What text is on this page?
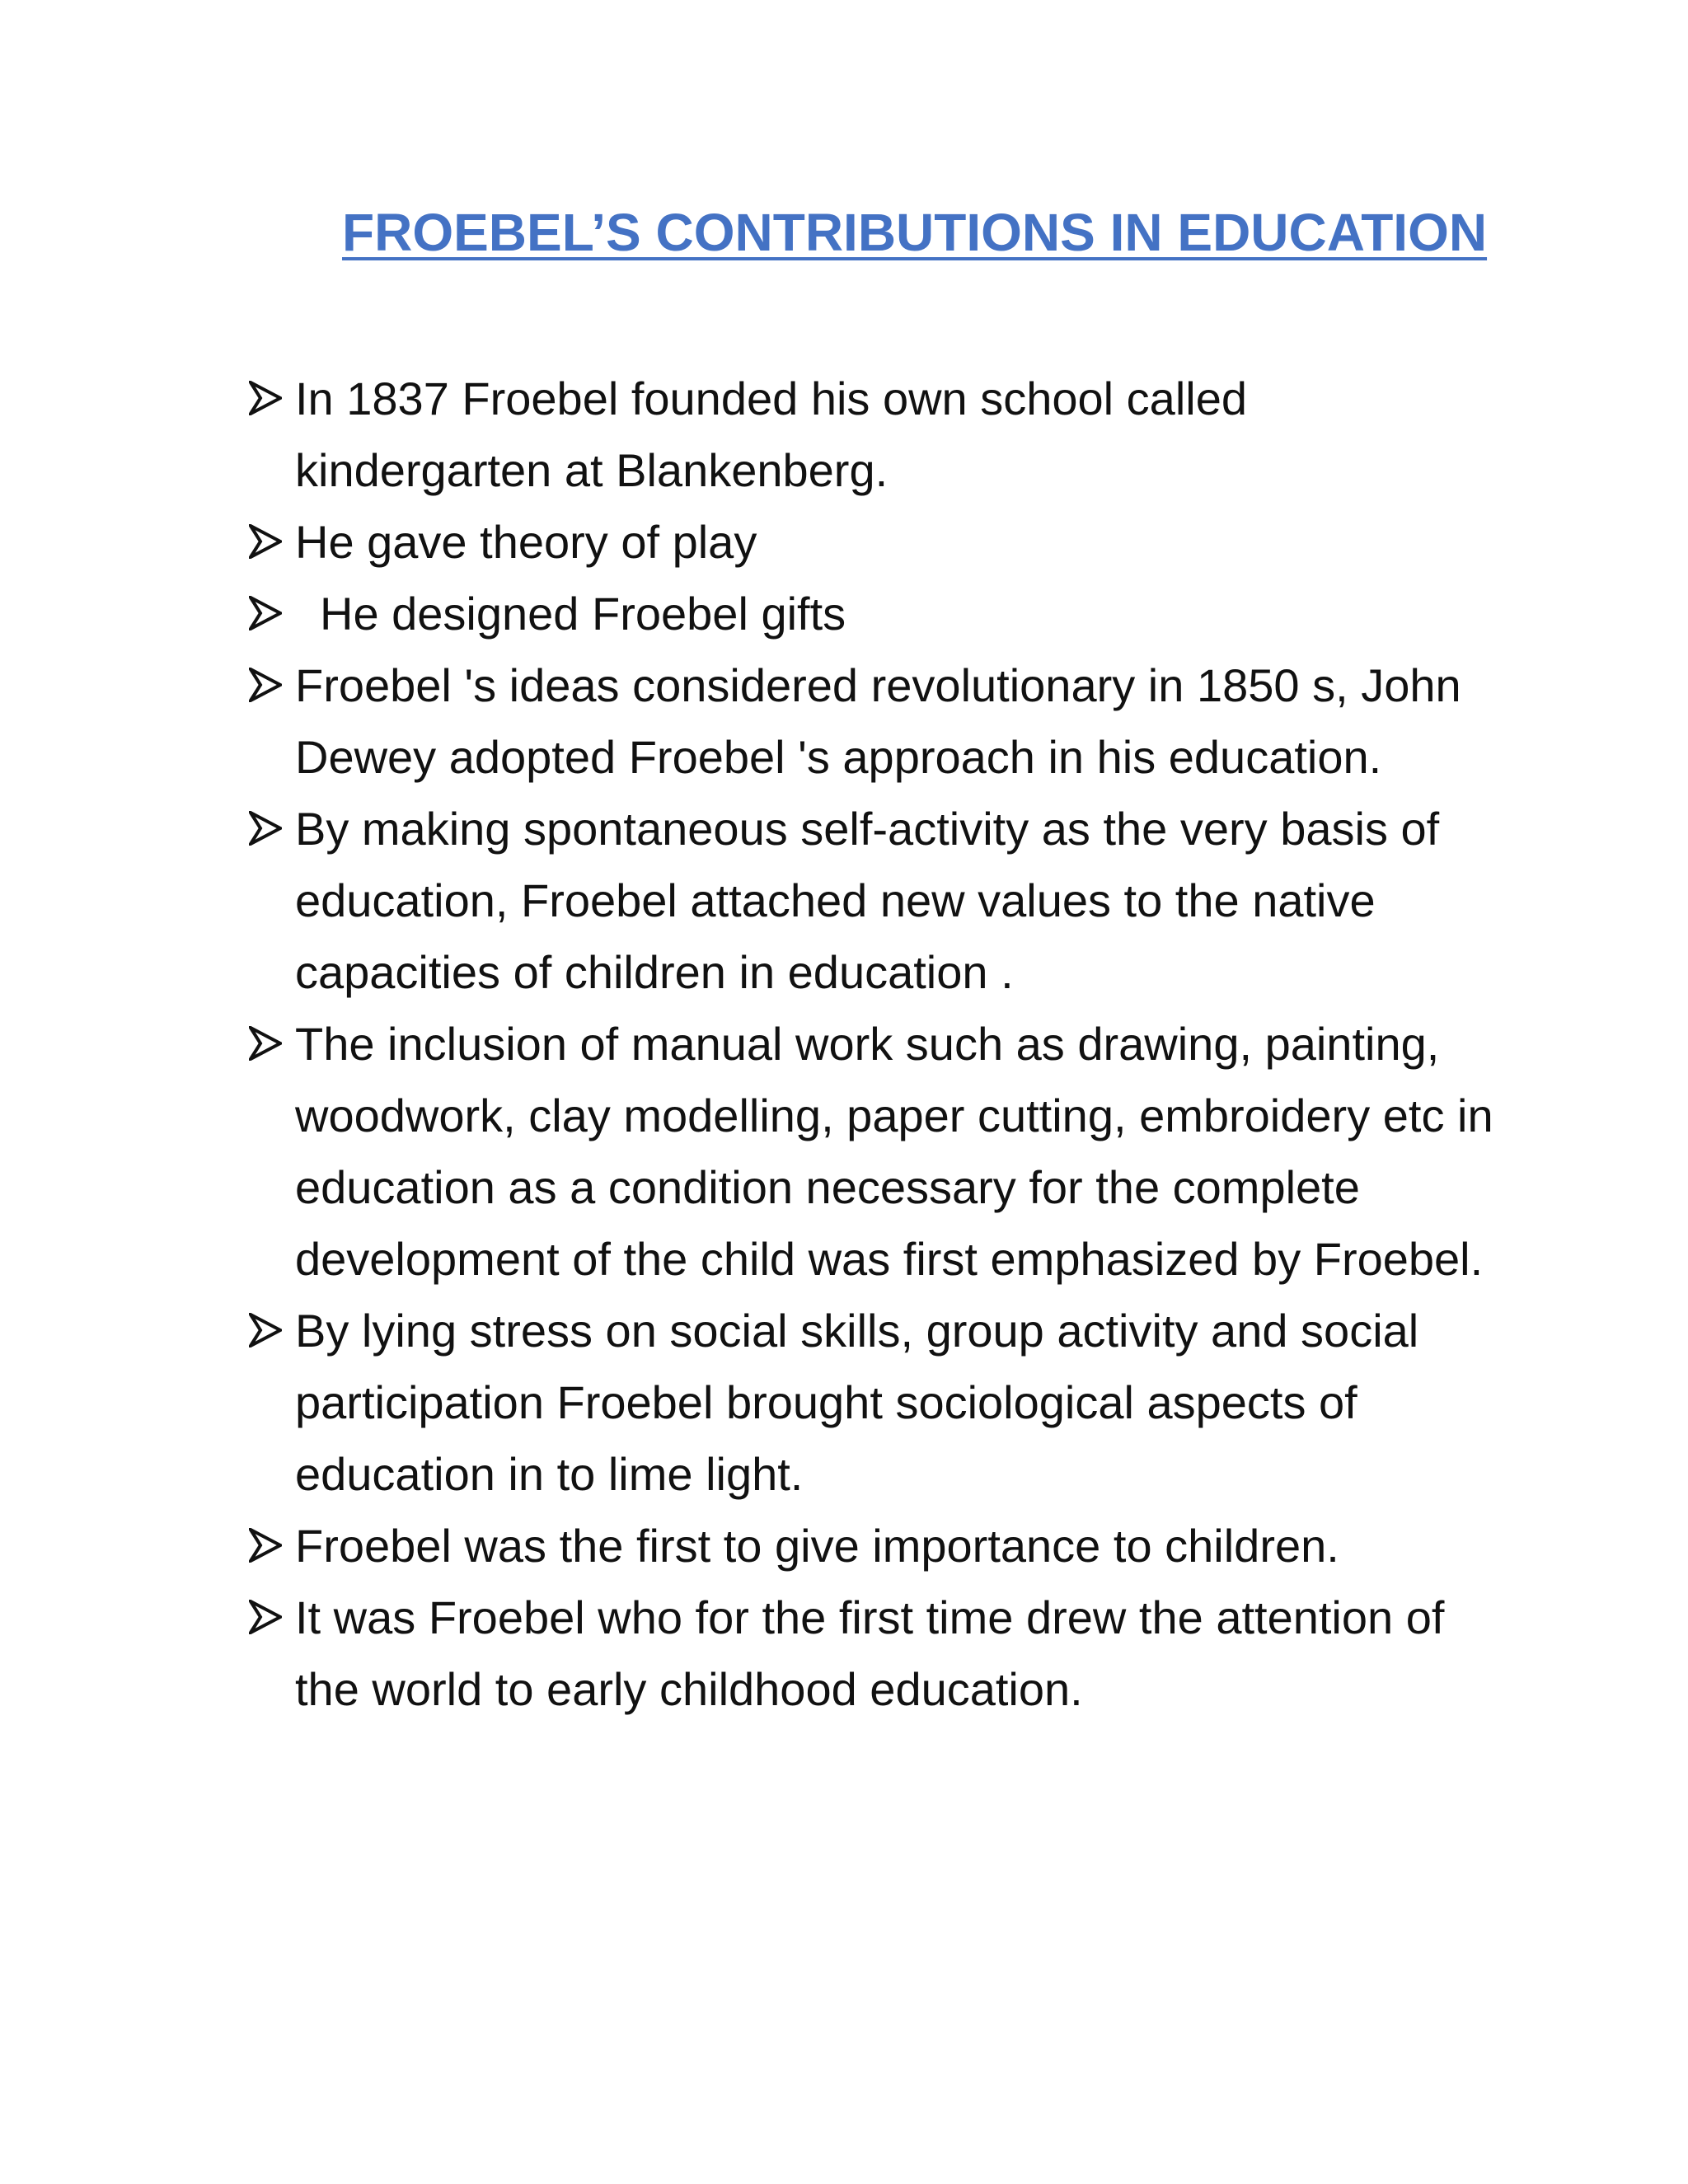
FROEBEL’S CONTRIBUTIONS IN EDUCATION
In 1837 Froebel founded his own school called kindergarten at Blankenberg.
He gave theory of play
He designed Froebel gifts
Froebel 's ideas considered revolutionary in 1850 s, John Dewey adopted Froebel 's approach in his education.
By making spontaneous self-activity as the very basis of education, Froebel attached new values to the native capacities of children in education .
The inclusion of manual work such as drawing, painting, woodwork, clay modelling, paper cutting, embroidery etc in education as a condition necessary for the complete development of the child was first emphasized by Froebel.
By lying stress on social skills, group activity and social participation Froebel brought sociological aspects of education in to lime light.
Froebel was the first to give importance to children.
It was Froebel who for the first time drew the attention of the world to early childhood education.
